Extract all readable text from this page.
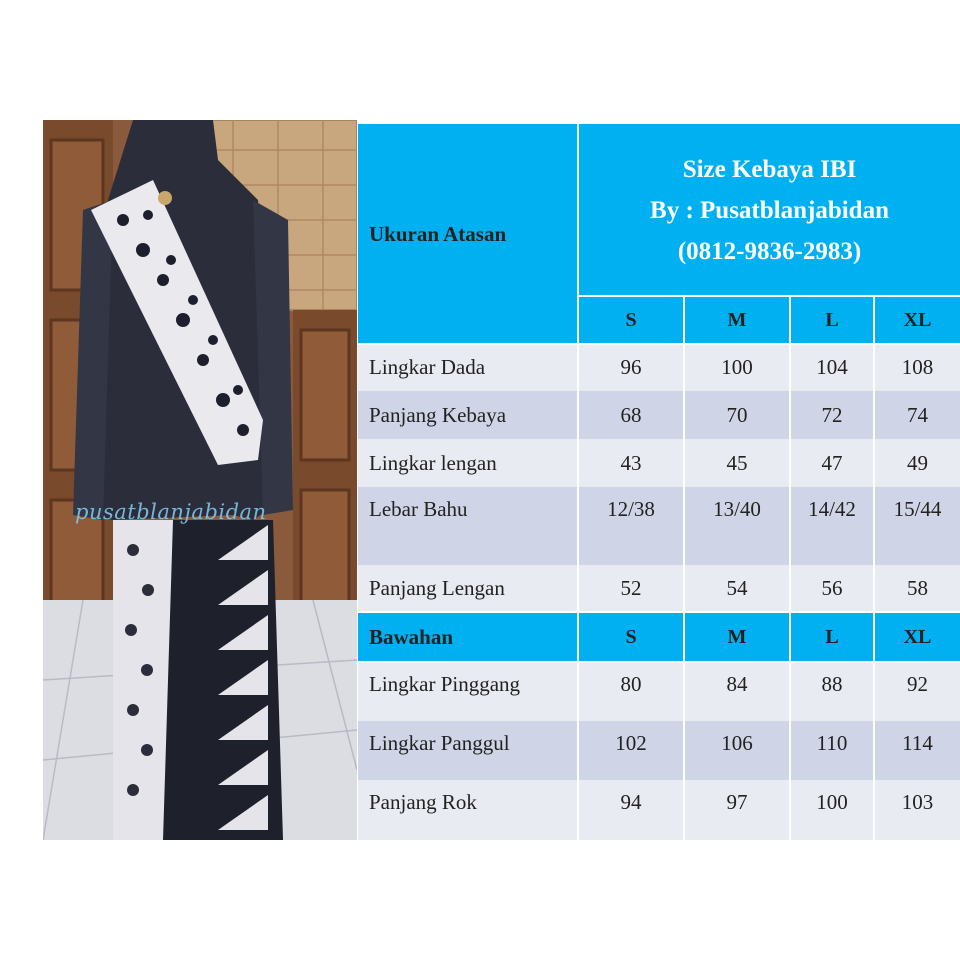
pusatblanjabidan
Ukuran Atasan
Size Kebaya IBI
By : Pusatblanjabidan
(0812-9836-2983)
S	M	L	XL
Lingkar Dada	96	100	104	108
Panjang Kebaya	68	70	72	74
Lingkar lengan	43	45	47	49
Lebar Bahu	12/38	13/40	14/42	15/44
Panjang Lengan	52	54	56	58
Bawahan	S	M	L	XL
Lingkar Pinggang	80	84	88	92
Lingkar Panggul	102	106	110	114
Panjang Rok	94	97	100	103
